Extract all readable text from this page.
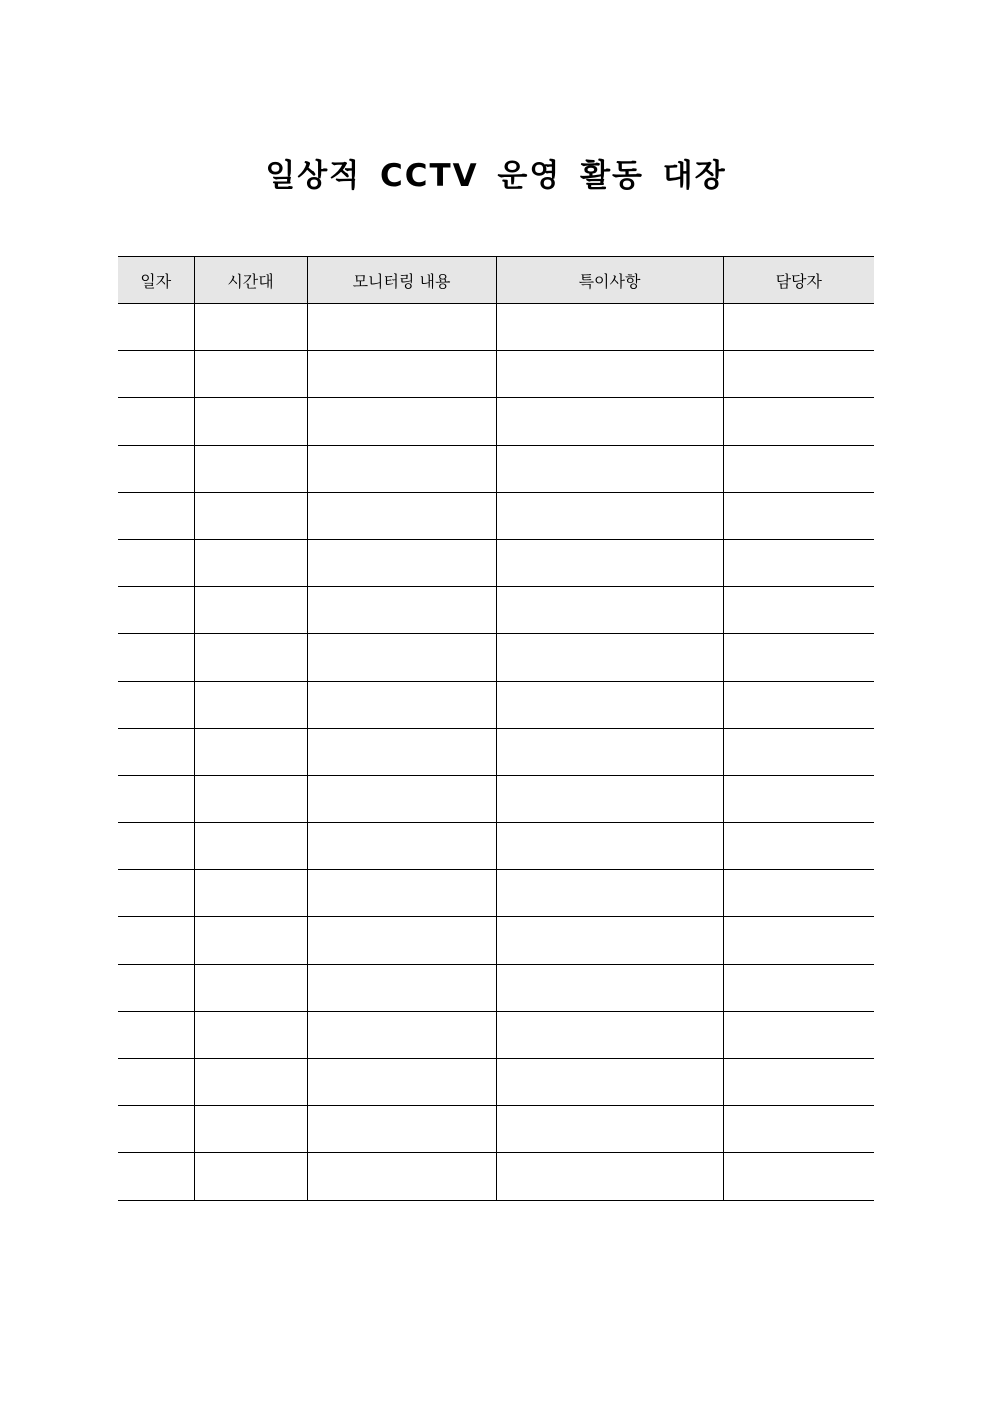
일상적 CCTV 운영 활동 대장
일자	시간대	모니터링 내용	특이사항	담당자
